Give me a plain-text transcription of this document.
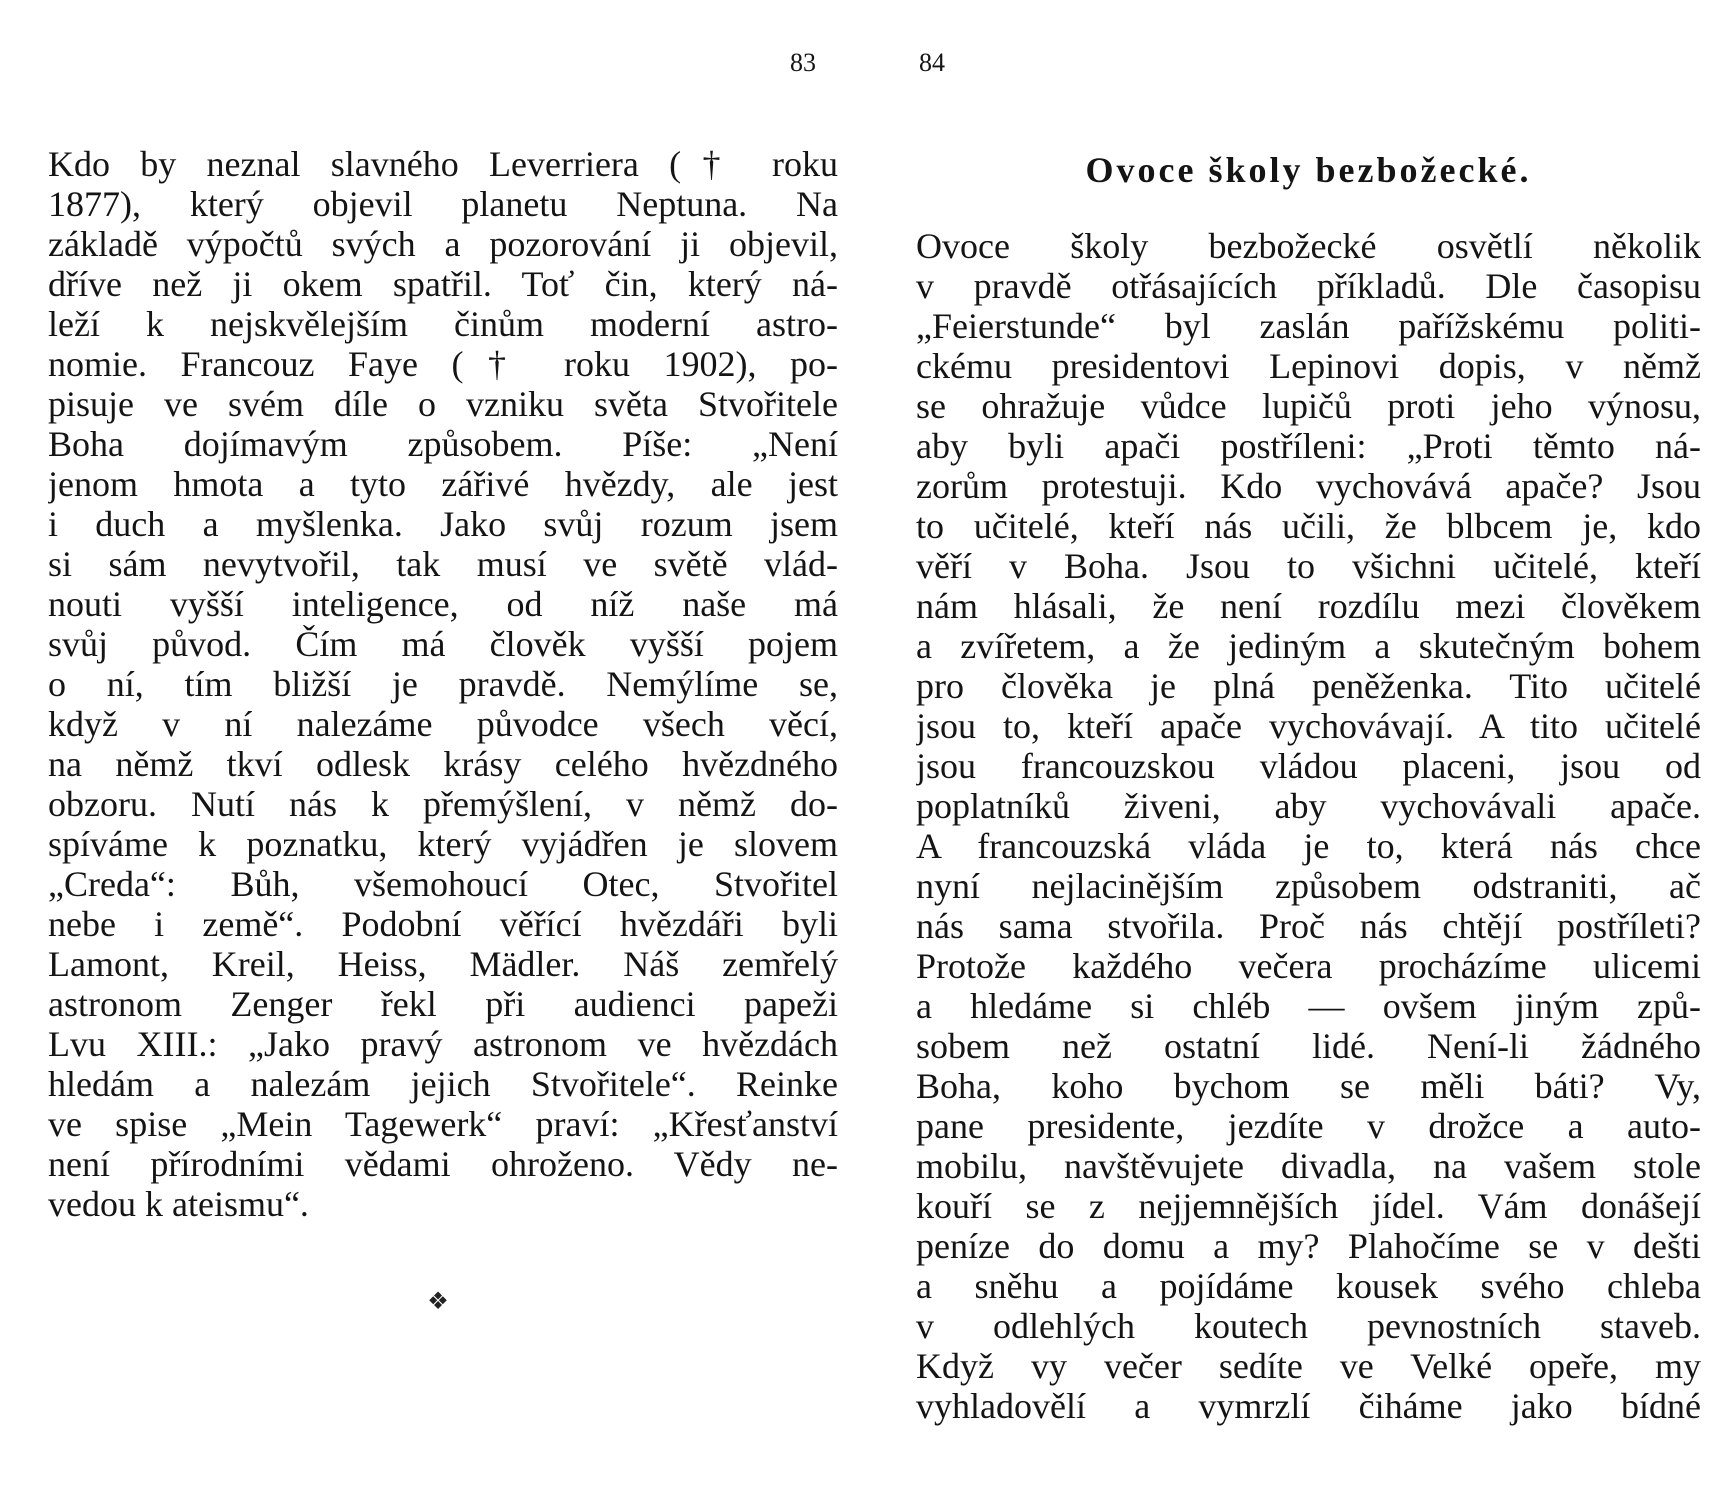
83
Kdo by neznal slavného Leverriera († roku
1877), který objevil planetu Neptuna. Na
základě výpočtů svých a pozorování ji objevil,
dříve než ji okem spatřil. Toť čin, který ná-
leží k nejskvělejším činům moderní astro-
nomie. Francouz Faye († roku 1902), po-
pisuje ve svém díle o vzniku světa Stvořitele
Boha dojímavým způsobem. Píše: „Není
jenom hmota a tyto zářivé hvězdy, ale jest
i duch a myšlenka. Jako svůj rozum jsem
si sám nevytvořil, tak musí ve světě vlád-
nouti vyšší inteligence, od níž naše má
svůj původ. Čím má člověk vyšší pojem
o ní, tím bližší je pravdě. Nemýlíme se,
když v ní nalezáme původce všech věcí,
na němž tkví odlesk krásy celého hvězdného
obzoru. Nutí nás k přemýšlení, v němž do-
spíváme k poznatku, který vyjádřen je slovem
„Creda“: Bůh, všemohoucí Otec, Stvořitel
nebe i země“. Podobní věřící hvězdáři byli
Lamont, Kreil, Heiss, Mädler. Náš zemřelý
astronom Zenger řekl při audienci papeži
Lvu XIII.: „Jako pravý astronom ve hvězdách
hledám a nalezám jejich Stvořitele“. Reinke
ve spise „Mein Tagewerk“ praví: „Křesťanství
není přírodními vědami ohroženo. Vědy ne-
vedou k ateismu“.
❖
84
Ovoce školy bezbožecké.
Ovoce školy bezbožecké osvětlí několik
v pravdě otřásajících příkladů. Dle časopisu
„Feierstunde“ byl zaslán pařížskému politi-
ckému presidentovi Lepinovi dopis, v němž
se ohražuje vůdce lupičů proti jeho výnosu,
aby byli apači postříleni: „Proti těmto ná-
zorům protestuji. Kdo vychovává apače? Jsou
to učitelé, kteří nás učili, že blbcem je, kdo
věří v Boha. Jsou to všichni učitelé, kteří
nám hlásali, že není rozdílu mezi člověkem
a zvířetem, a že jediným a skutečným bohem
pro člověka je plná peněženka. Tito učitelé
jsou to, kteří apače vychovávají. A tito učitelé
jsou francouzskou vládou placeni, jsou od
poplatníků živeni, aby vychovávali apače.
A francouzská vláda je to, která nás chce
nyní nejlacinějším způsobem odstraniti, ač
nás sama stvořila. Proč nás chtějí postříleti?
Protože každého večera procházíme ulicemi
a hledáme si chléb — ovšem jiným způ-
sobem než ostatní lidé. Není-li žádného
Boha, koho bychom se měli báti? Vy,
pane presidente, jezdíte v drožce a auto-
mobilu, navštěvujete divadla, na vašem stole
kouří se z nejjemnějších jídel. Vám donášejí
peníze do domu a my? Plahočíme se v dešti
a sněhu a pojídáme kousek svého chleba
v odlehlých koutech pevnostních staveb.
Když vy večer sedíte ve Velké opeře, my
vyhladovělí a vymrzlí čiháme jako bídné
